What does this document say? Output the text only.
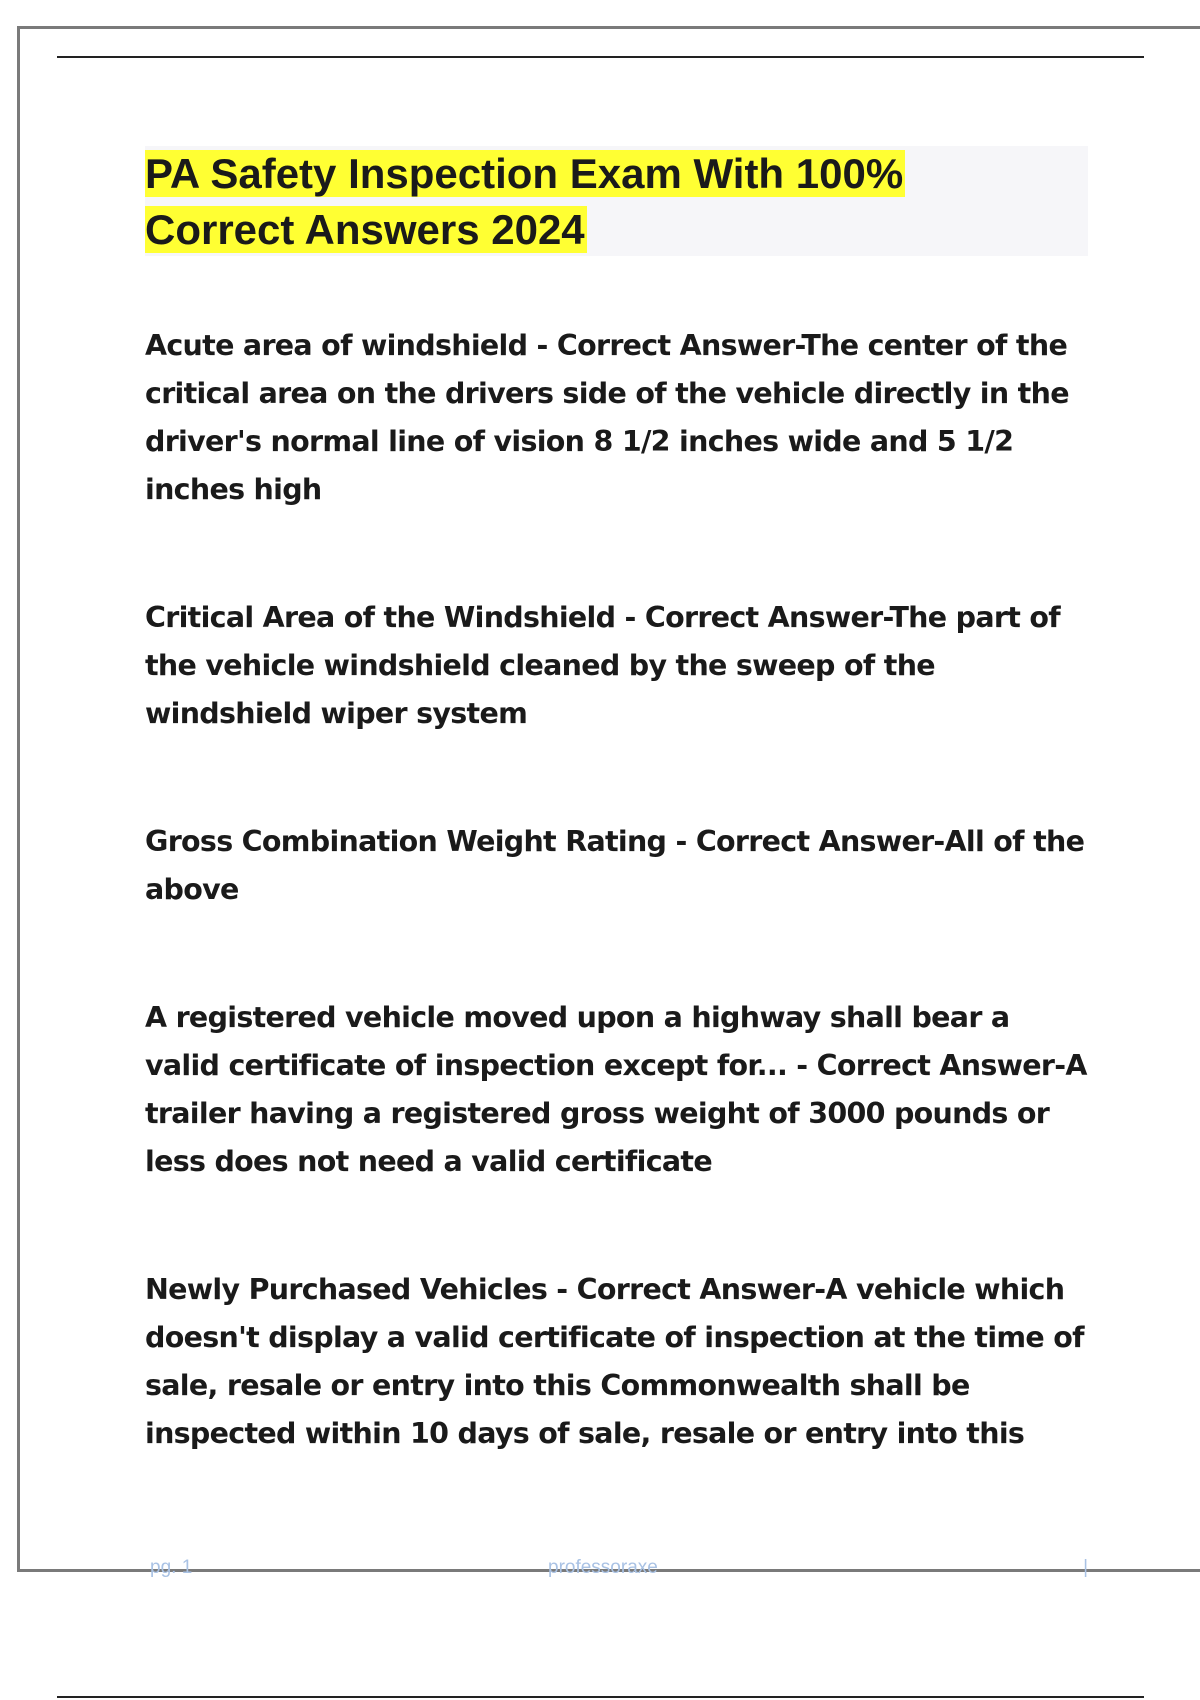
PA Safety Inspection Exam With 100%
Correct Answers 2024

Acute area of windshield - Correct Answer-The center of the critical area on the drivers side of the vehicle directly in the driver's normal line of vision 8 1/2 inches wide and 5 1/2 inches high

Critical Area of the Windshield - Correct Answer-The part of the vehicle windshield cleaned by the sweep of the windshield wiper system

Gross Combination Weight Rating - Correct Answer-All of the above

A registered vehicle moved upon a highway shall bear a valid certificate of inspection except for... - Correct Answer-A trailer having a registered gross weight of 3000 pounds or less does not need a valid certificate

Newly Purchased Vehicles - Correct Answer-A vehicle which doesn't display a valid certificate of inspection at the time of sale, resale or entry into this Commonwealth shall be inspected within 10 days of sale, resale or entry into this

pg. 1	professoraxe	|
